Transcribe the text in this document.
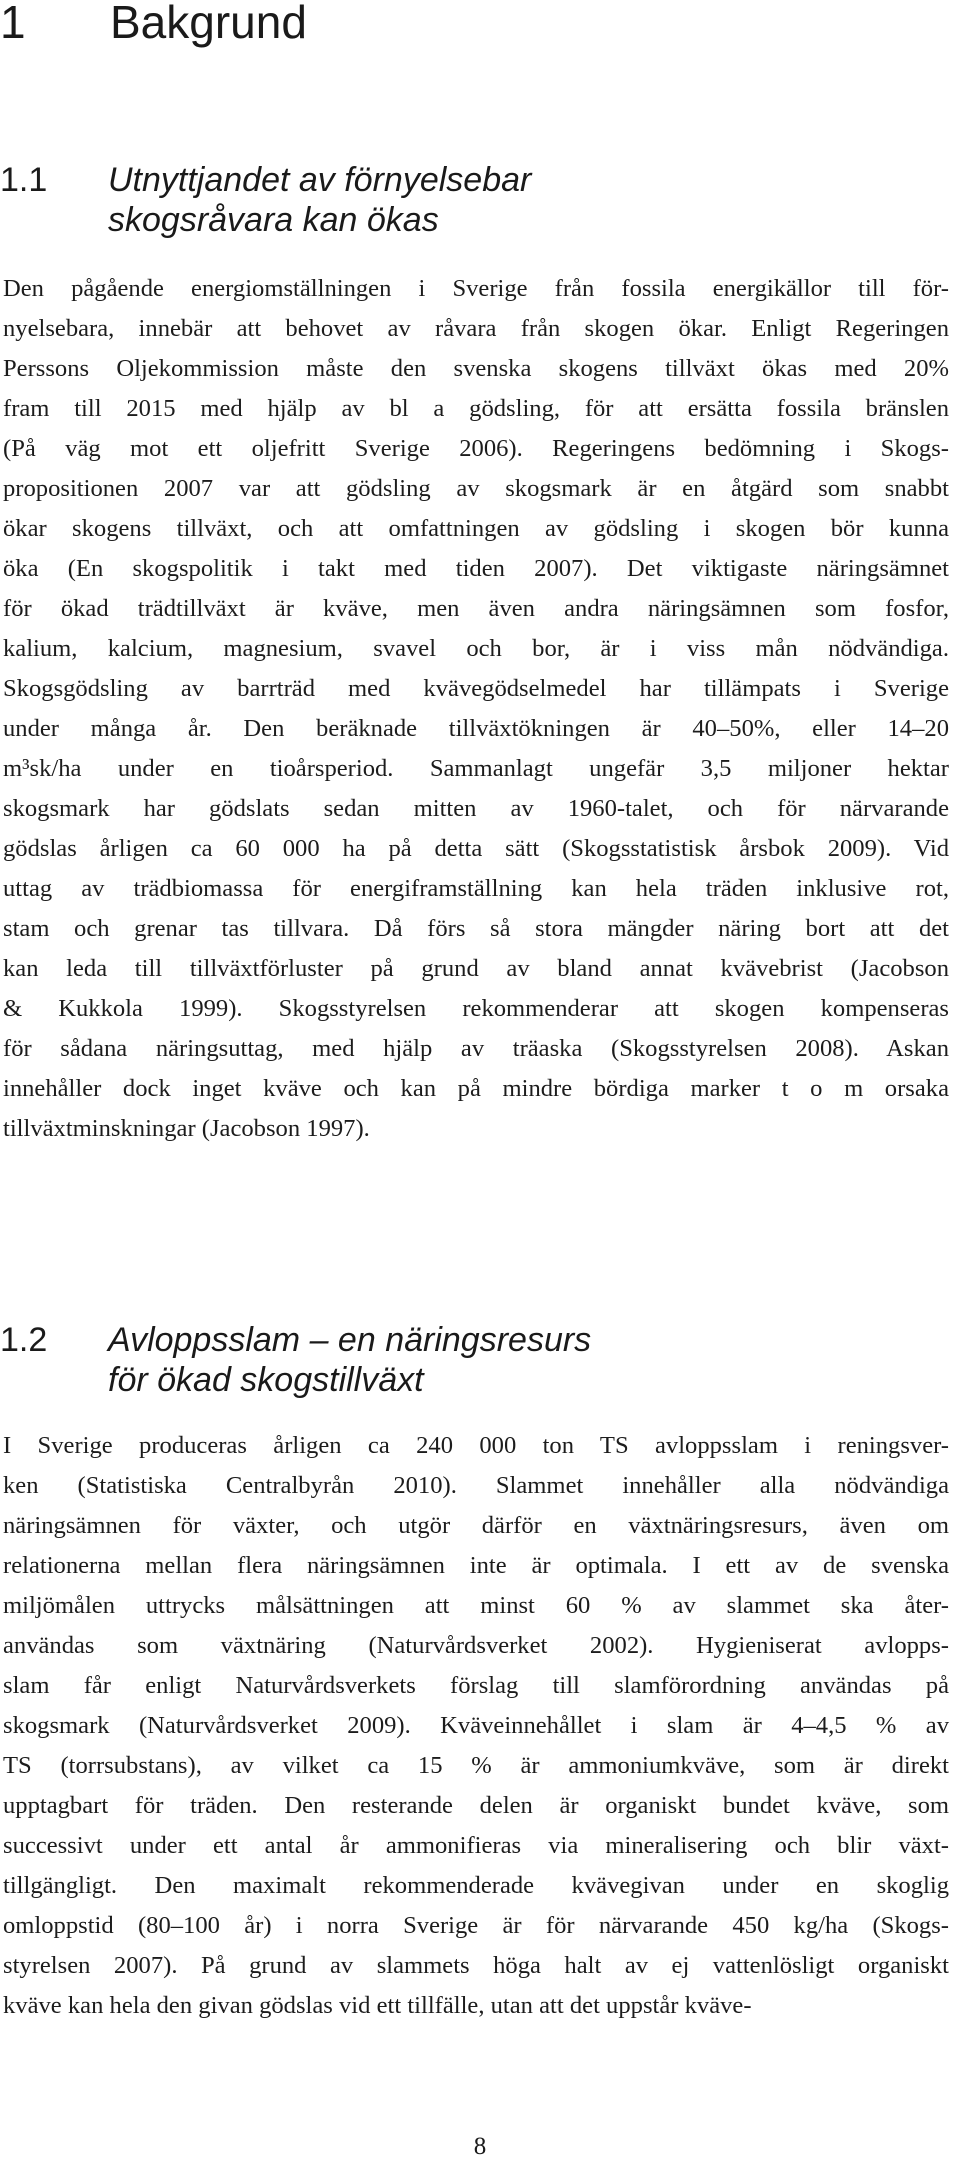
1	Bakgrund
1.1	Utnyttjandet av förnyelsebar
skogsråvara kan ökas
Den pågående energiomställningen i Sverige från fossila energikällor till för-
nyelsebara, innebär att behovet av råvara från skogen ökar. Enligt Regeringen
Perssons Oljekommission måste den svenska skogens tillväxt ökas med 20%
fram till 2015 med hjälp av bl a gödsling, för att ersätta fossila bränslen
(På väg mot ett oljefritt Sverige 2006). Regeringens bedömning i Skogs-
propositionen 2007 var att gödsling av skogsmark är en åtgärd som snabbt
ökar skogens tillväxt, och att omfattningen av gödsling i skogen bör kunna
öka (En skogspolitik i takt med tiden 2007). Det viktigaste näringsämnet
för ökad trädtillväxt är kväve, men även andra näringsämnen som fosfor,
kalium, kalcium, magnesium, svavel och bor, är i viss mån nödvändiga.
Skogsgödsling av barrträd med kvävegödselmedel har tillämpats i Sverige
under många år. Den beräknade tillväxtökningen är 40–50%, eller 14–20
m³sk/ha under en tioårsperiod. Sammanlagt ungefär 3,5 miljoner hektar
skogsmark har gödslats sedan mitten av 1960-talet, och för närvarande
gödslas årligen ca 60 000 ha på detta sätt (Skogsstatistisk årsbok 2009). Vid
uttag av trädbiomassa för energiframställning kan hela träden inklusive rot,
stam och grenar tas tillvara. Då förs så stora mängder näring bort att det
kan leda till tillväxtförluster på grund av bland annat kvävebrist (Jacobson
& Kukkola 1999). Skogsstyrelsen rekommenderar att skogen kompenseras
för sådana näringsuttag, med hjälp av träaska (Skogsstyrelsen 2008). Askan
innehåller dock inget kväve och kan på mindre bördiga marker t o m orsaka
tillväxtminskningar (Jacobson 1997).
1.2	Avloppsslam – en näringsresurs
för ökad skogstillväxt
I Sverige produceras årligen ca 240 000 ton TS avloppsslam i reningsver-
ken (Statistiska Centralbyrån 2010). Slammet innehåller alla nödvändiga
näringsämnen för växter, och utgör därför en växtnäringsresurs, även om
relationerna mellan flera näringsämnen inte är optimala. I ett av de svenska
miljömålen uttrycks målsättningen att minst 60 % av slammet ska åter-
användas som växtnäring (Naturvårdsverket 2002). Hygieniserat avlopps-
slam får enligt Naturvårdsverkets förslag till slamförordning användas på
skogsmark (Naturvårdsverket 2009). Kväveinnehållet i slam är 4–4,5 % av
TS (torrsubstans), av vilket ca 15 % är ammoniumkväve, som är direkt
upptagbart för träden. Den resterande delen är organiskt bundet kväve, som
successivt under ett antal år ammonifieras via mineralisering och blir växt-
tillgängligt. Den maximalt rekommenderade kvävegivan under en skoglig
omloppstid (80–100 år) i norra Sverige är för närvarande 450 kg/ha (Skogs-
styrelsen 2007). På grund av slammets höga halt av ej vattenlösligt organiskt
kväve kan hela den givan gödslas vid ett tillfälle, utan att det uppstår kväve-
8
